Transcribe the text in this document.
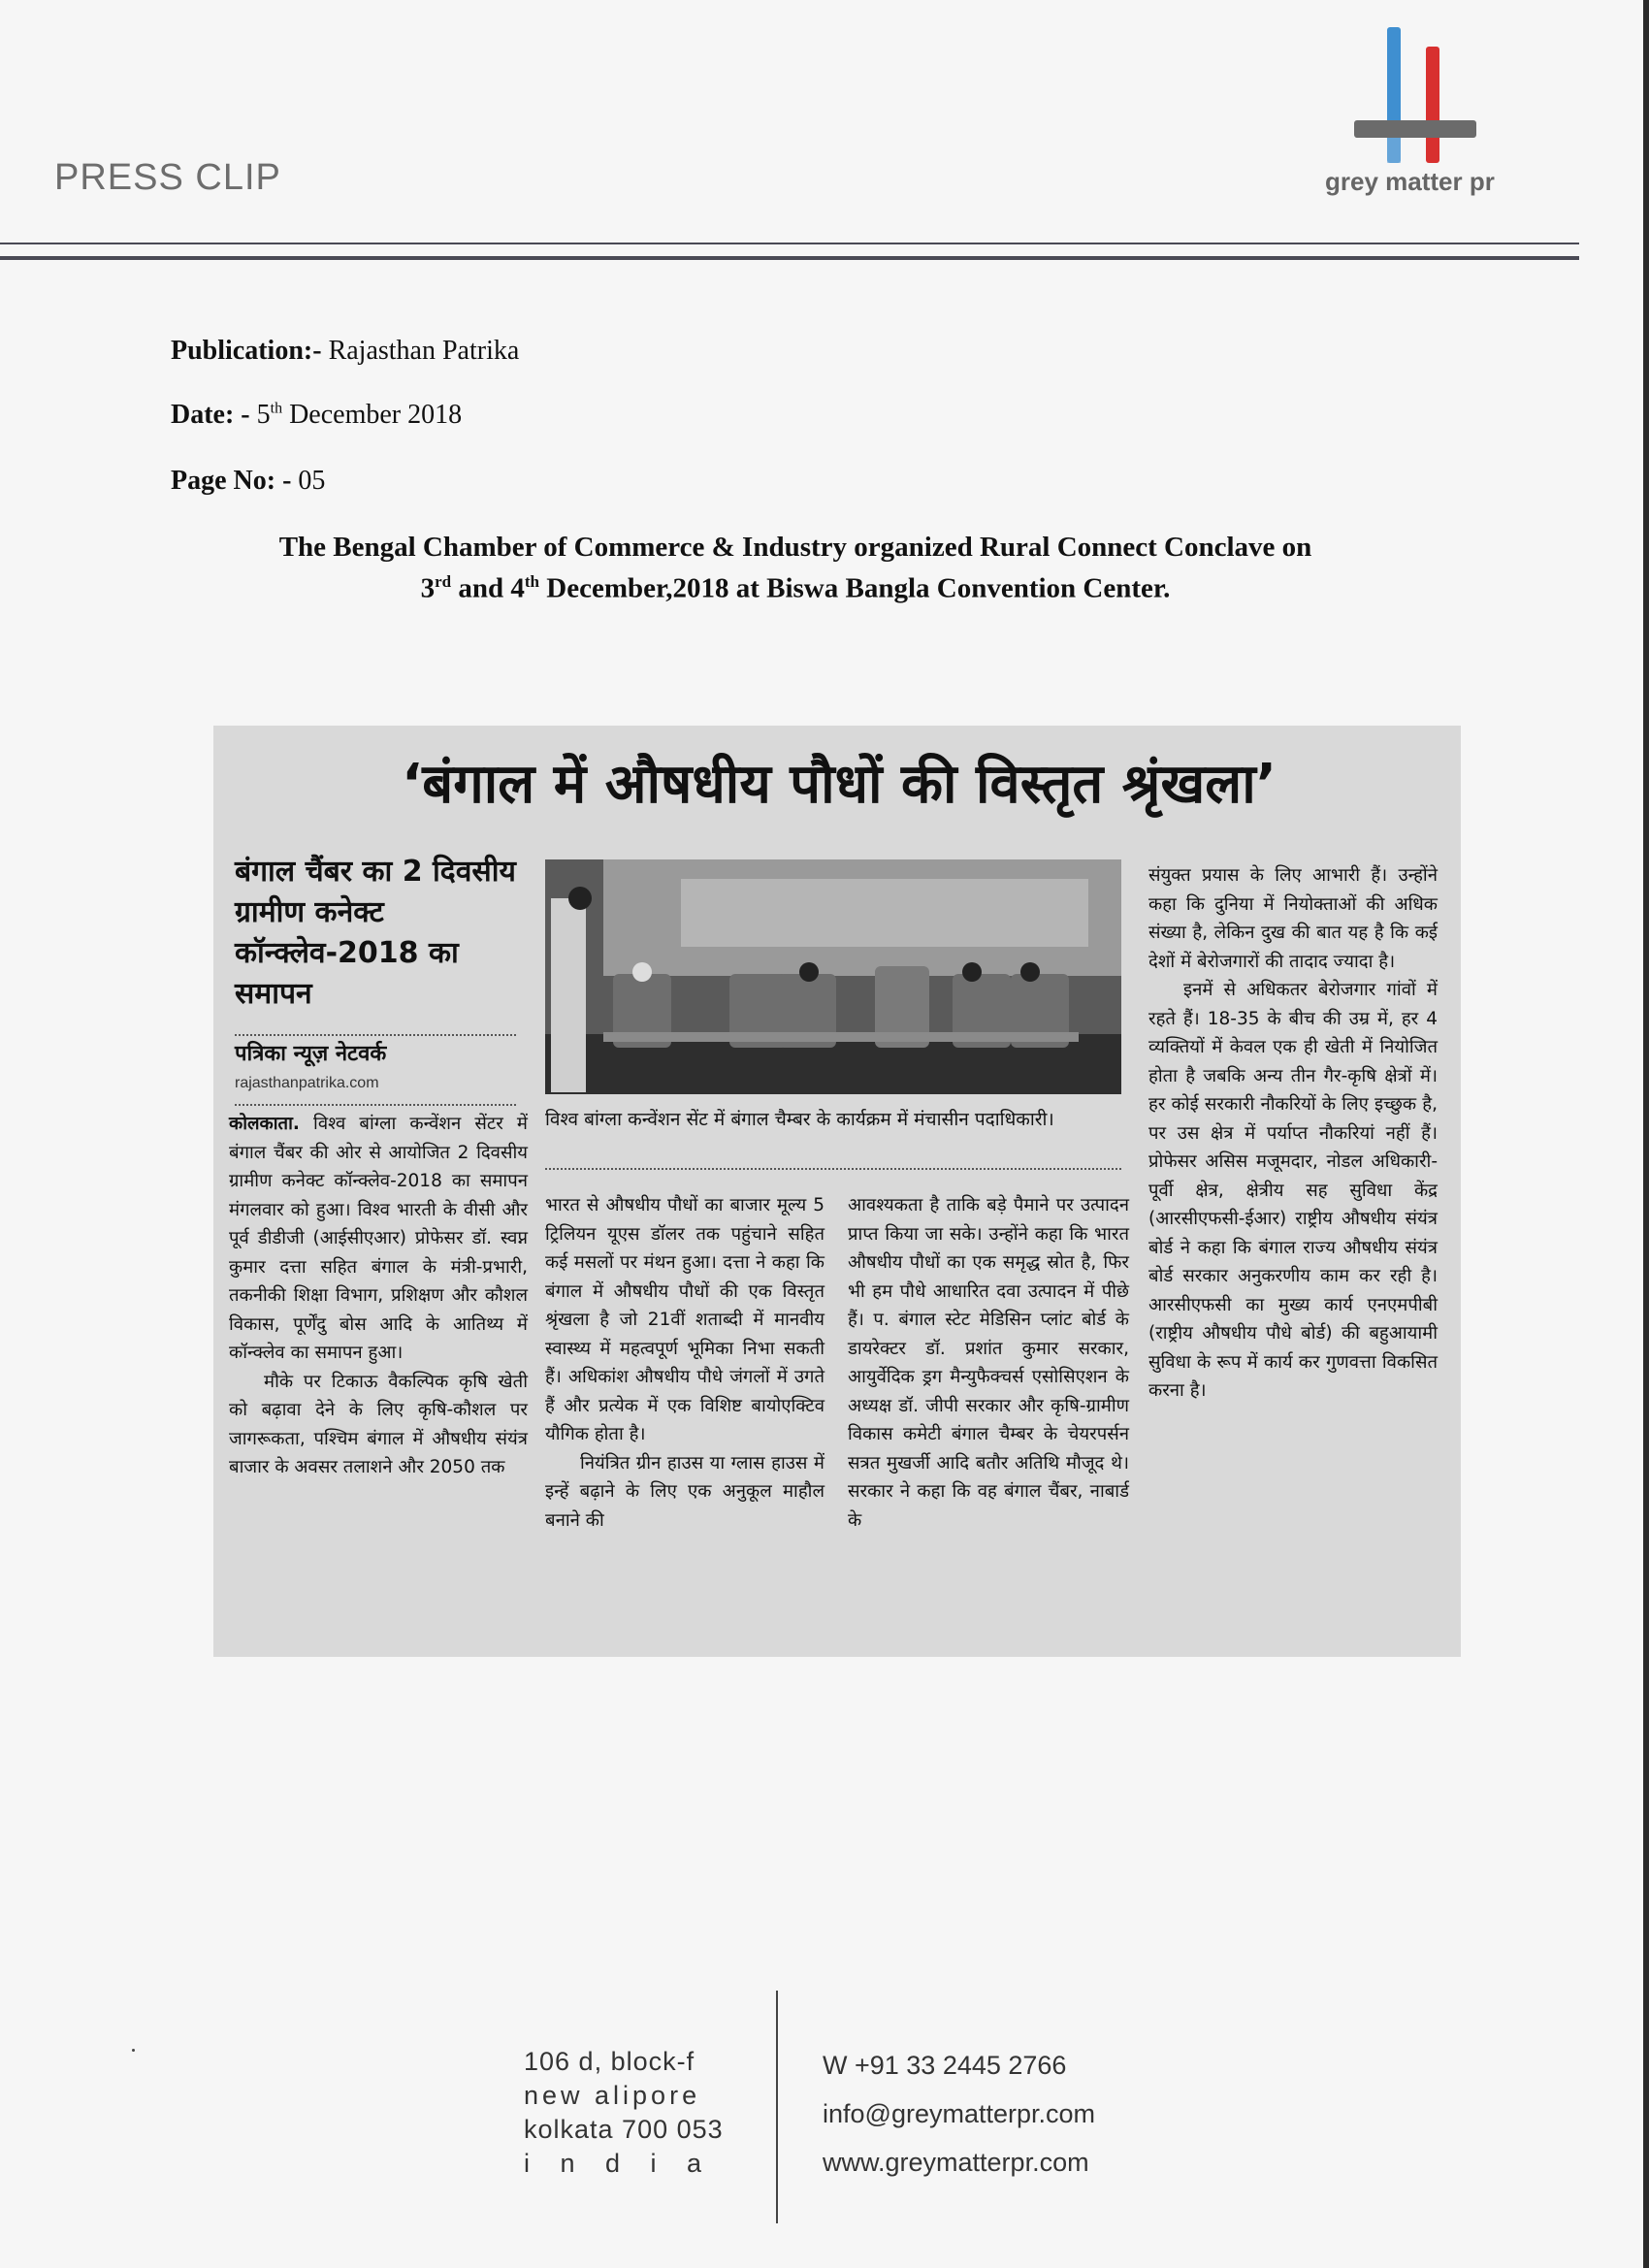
PRESS CLIP	grey matter pr
Publication:- Rajasthan Patrika
Date: - 5th December 2018
Page No: - 05
The Bengal Chamber of Commerce & Industry organized Rural Connect Conclave on
3rd and 4th December,2018 at Biswa Bangla Convention Center.
‘बंगाल में औषधीय पौधों की विस्तृत श्रृंखला’
बंगाल चैंबर का 2 दिवसीय ग्रामीण कनेक्ट कॉन्क्लेव-2018 का समापन
पत्रिका न्यूज़ नेटवर्क
rajasthanpatrika.com
विश्व बांग्ला कन्वेंशन सेंट में बंगाल चैम्बर के कार्यक्रम में मंचासीन पदाधिकारी।

कोलकाता. विश्व बांग्ला कन्वेंशन सेंटर में बंगाल चैंबर की ओर से आयोजित 2 दिवसीय ग्रामीण कनेक्ट कॉन्क्लेव-2018 का समापन मंगलवार को हुआ। विश्व भारती के वीसी और पूर्व डीडीजी (आईसीएआर) प्रोफेसर डॉ. स्वप्न कुमार दत्ता सहित बंगाल के मंत्री-प्रभारी, तकनीकी शिक्षा विभाग, प्रशिक्षण और कौशल विकास, पूर्णेंदु बोस आदि के आतिथ्य में कॉन्क्लेव का समापन हुआ।

मौके पर टिकाऊ वैकल्पिक कृषि खेती को बढ़ावा देने के लिए कृषि-कौशल पर जागरूकता, पश्चिम बंगाल में औषधीय संयंत्र बाजार के अवसर तलाशने और 2050 तक

भारत से औषधीय पौधों का बाजार मूल्य 5 ट्रिलियन यूएस डॉलर तक पहुंचाने सहित कई मसलों पर मंथन हुआ। दत्ता ने कहा कि बंगाल में औषधीय पौधों की एक विस्तृत श्रृंखला है जो 21वीं शताब्दी में मानवीय स्वास्थ्य में महत्वपूर्ण भूमिका निभा सकती हैं। अधिकांश औषधीय पौधे जंगलों में उगते हैं और प्रत्येक में एक विशिष्ट बायोएक्टिव यौगिक होता है।

नियंत्रित ग्रीन हाउस या ग्लास हाउस में इन्हें बढ़ाने के लिए एक अनुकूल माहौल बनाने की

आवश्यकता है ताकि बड़े पैमाने पर उत्पादन प्राप्त किया जा सके। उन्होंने कहा कि भारत औषधीय पौधों का एक समृद्ध स्रोत है, फिर भी हम पौधे आधारित दवा उत्पादन में पीछे हैं। प. बंगाल स्टेट मेडिसिन प्लांट बोर्ड के डायरेक्टर डॉ. प्रशांत कुमार सरकार, आयुर्वेदिक ड्रग मैन्युफैक्चर्स एसोसिएशन के अध्यक्ष डॉ. जीपी सरकार और कृषि-ग्रामीण विकास कमेटी बंगाल चैम्बर के चेयरपर्सन सत्रत मुखर्जी आदि बतौर अतिथि मौजूद थे। सरकार ने कहा कि वह बंगाल चैंबर, नाबार्ड के

संयुक्त प्रयास के लिए आभारी हैं। उन्होंने कहा कि दुनिया में नियोक्ताओं की अधिक संख्या है, लेकिन दुख की बात यह है कि कई देशों में बेरोजगारों की तादाद ज्यादा है।

इनमें से अधिकतर बेरोजगार गांवों में रहते हैं। 18-35 के बीच की उम्र में, हर 4 व्यक्तियों में केवल एक ही खेती में नियोजित होता है जबकि अन्य तीन गैर-कृषि क्षेत्रों में। हर कोई सरकारी नौकरियों के लिए इच्छुक है, पर उस क्षेत्र में पर्याप्त नौकरियां नहीं हैं। प्रोफेसर असिस मजूमदार, नोडल अधिकारी-पूर्वी क्षेत्र, क्षेत्रीय सह सुविधा केंद्र (आरसीएफसी-ईआर) राष्ट्रीय औषधीय संयंत्र बोर्ड ने कहा कि बंगाल राज्य औषधीय संयंत्र बोर्ड सरकार अनुकरणीय काम कर रही है। आरसीएफसी का मुख्य कार्य एनएमपीबी (राष्ट्रीय औषधीय पौधे बोर्ड) की बहुआयामी सुविधा के रूप में कार्य कर गुणवत्ता विकसित करना है।

106 d, block-f
new alipore
kolkata 700 053
i n d i a
W +91 33 2445 2766
info@greymatterpr.com
www.greymatterpr.com
